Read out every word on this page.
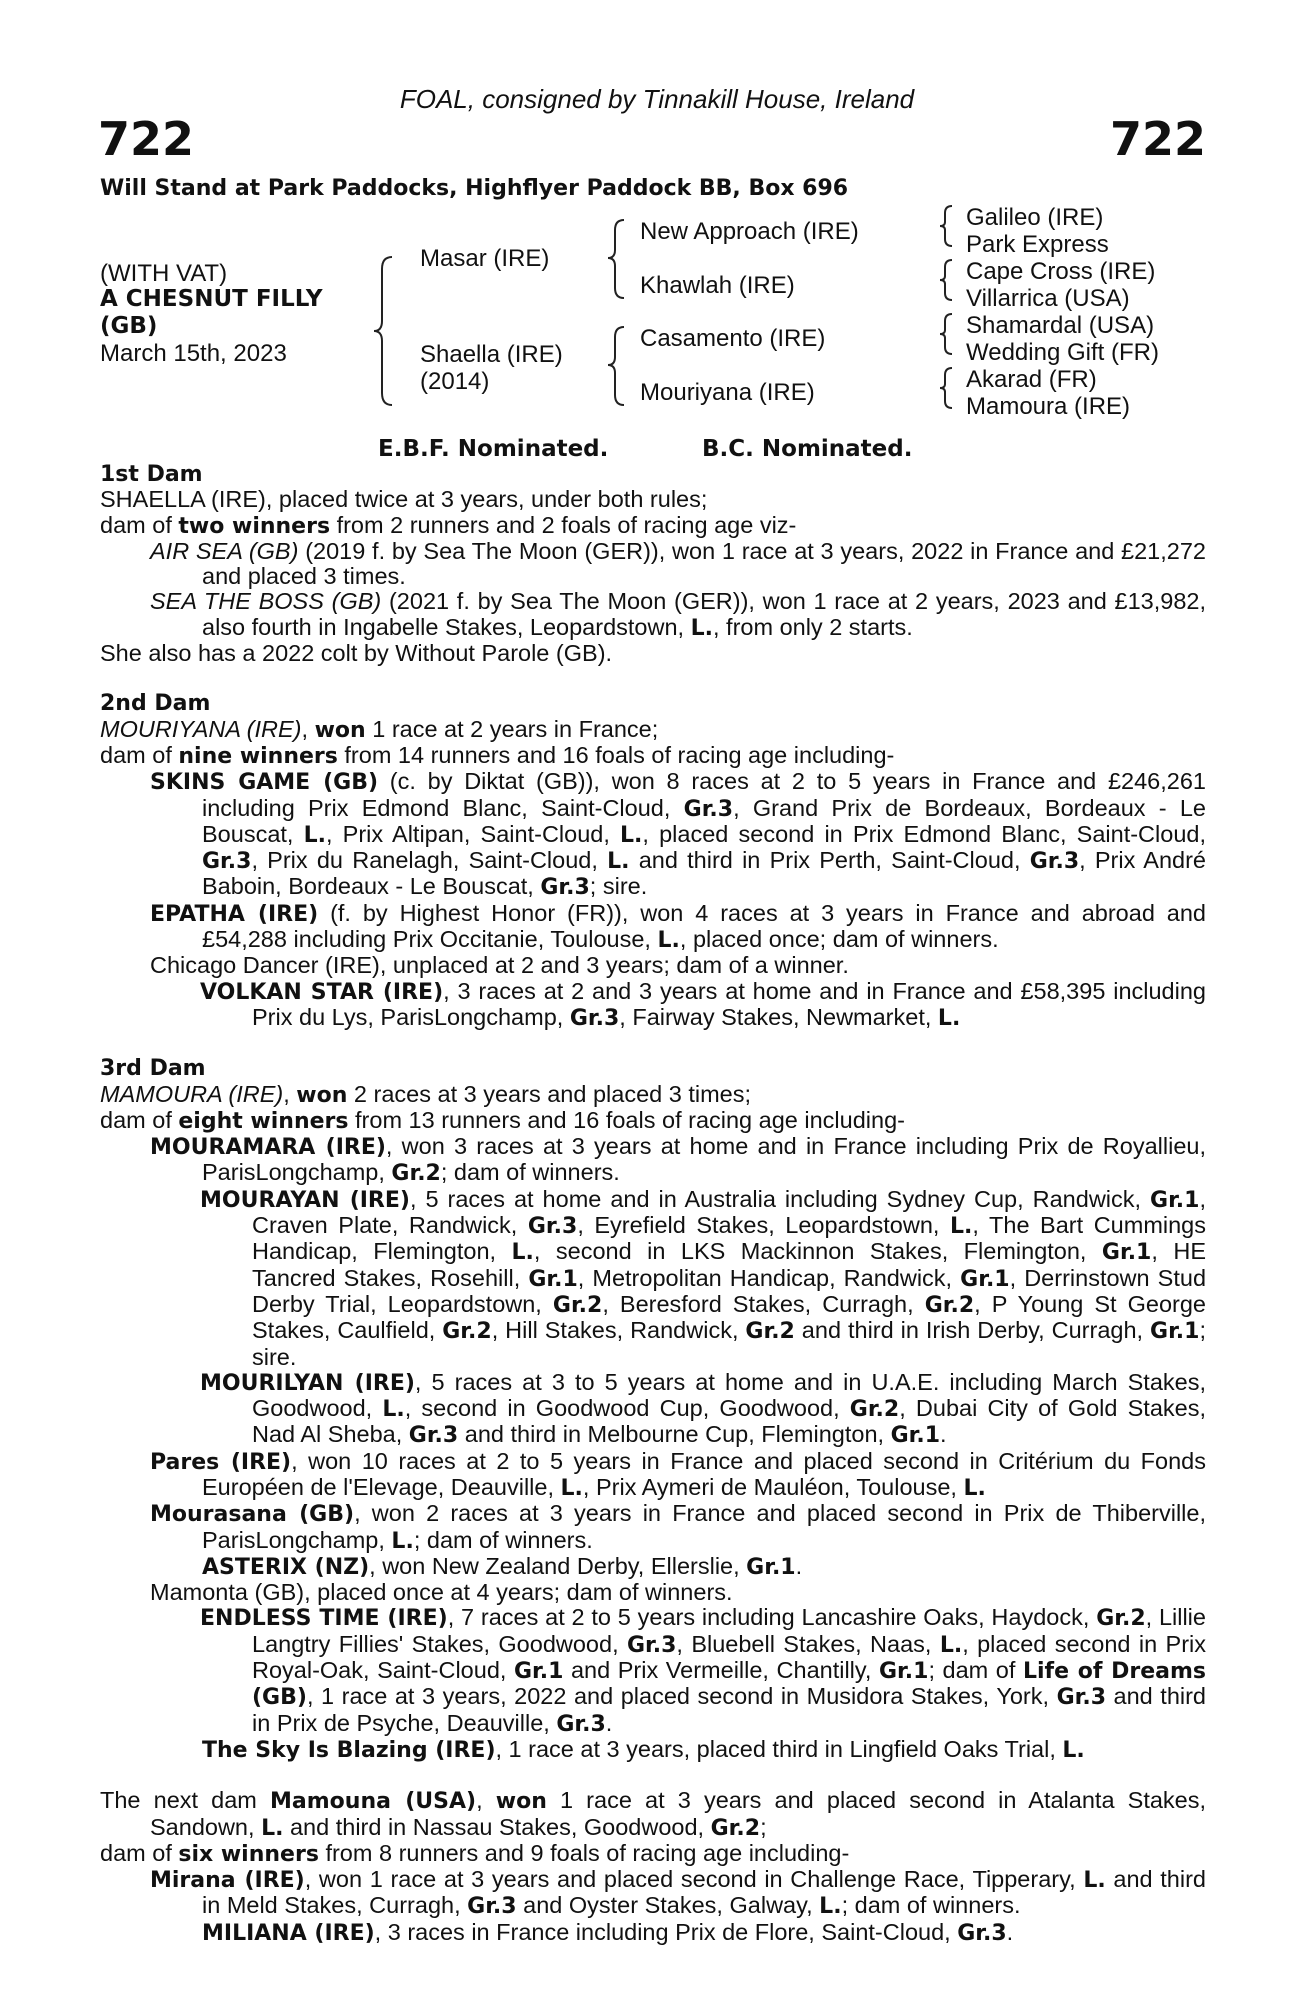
FOAL, consigned by Tinnakill House, Ireland
722	722
Will Stand at Park Paddocks, Highflyer Paddock BB, Box 696
(WITH VAT)
A CHESNUT FILLY
(GB)
March 15th, 2023
Masar (IRE)
Shaella (IRE)
(2014)
New Approach (IRE)
Khawlah (IRE)
Casamento (IRE)
Mouriyana (IRE)
Galileo (IRE)
Park Express
Cape Cross (IRE)
Villarrica (USA)
Shamardal (USA)
Wedding Gift (FR)
Akarad (FR)
Mamoura (IRE)
E.B.F. Nominated.	B.C. Nominated.

1st Dam

SHAELLA (IRE), placed twice at 3 years, under both rules;

dam of two winners from 2 runners and 2 foals of racing age viz-

AIR SEA (GB) (2019 f. by Sea The Moon (GER)), won 1 race at 3 years, 2022 in France and £21,272 and placed 3 times.

SEA THE BOSS (GB) (2021 f. by Sea The Moon (GER)), won 1 race at 2 years, 2023 and £13,982, also fourth in Ingabelle Stakes, Leopardstown, L., from only 2 starts.

She also has a 2022 colt by Without Parole (GB).

2nd Dam

MOURIYANA (IRE), won 1 race at 2 years in France;

dam of nine winners from 14 runners and 16 foals of racing age including-

SKINS GAME (GB) (c. by Diktat (GB)), won 8 races at 2 to 5 years in France and £246,261 including Prix Edmond Blanc, Saint-Cloud, Gr.3, Grand Prix de Bordeaux, Bordeaux - Le Bouscat, L., Prix Altipan, Saint-Cloud, L., placed second in Prix Edmond Blanc, Saint-Cloud, Gr.3, Prix du Ranelagh, Saint-Cloud, L. and third in Prix Perth, Saint-Cloud, Gr.3, Prix André Baboin, Bordeaux - Le Bouscat, Gr.3; sire.

EPATHA (IRE) (f. by Highest Honor (FR)), won 4 races at 3 years in France and abroad and £54,288 including Prix Occitanie, Toulouse, L., placed once; dam of winners.

Chicago Dancer (IRE), unplaced at 2 and 3 years; dam of a winner.

VOLKAN STAR (IRE), 3 races at 2 and 3 years at home and in France and £58,395 including Prix du Lys, ParisLongchamp, Gr.3, Fairway Stakes, Newmarket, L.

3rd Dam

MAMOURA (IRE), won 2 races at 3 years and placed 3 times;

dam of eight winners from 13 runners and 16 foals of racing age including-

MOURAMARA (IRE), won 3 races at 3 years at home and in France including Prix de Royallieu, ParisLongchamp, Gr.2; dam of winners.

MOURAYAN (IRE), 5 races at home and in Australia including Sydney Cup, Randwick, Gr.1, Craven Plate, Randwick, Gr.3, Eyrefield Stakes, Leopardstown, L., The Bart Cummings Handicap, Flemington, L., second in LKS Mackinnon Stakes, Flemington, Gr.1, HE Tancred Stakes, Rosehill, Gr.1, Metropolitan Handicap, Randwick, Gr.1, Derrinstown Stud Derby Trial, Leopardstown, Gr.2, Beresford Stakes, Curragh, Gr.2, P Young St George Stakes, Caulfield, Gr.2, Hill Stakes, Randwick, Gr.2 and third in Irish Derby, Curragh, Gr.1; sire.

MOURILYAN (IRE), 5 races at 3 to 5 years at home and in U.A.E. including March Stakes, Goodwood, L., second in Goodwood Cup, Goodwood, Gr.2, Dubai City of Gold Stakes, Nad Al Sheba, Gr.3 and third in Melbourne Cup, Flemington, Gr.1.

Pares (IRE), won 10 races at 2 to 5 years in France and placed second in Critérium du Fonds Européen de l'Elevage, Deauville, L., Prix Aymeri de Mauléon, Toulouse, L.

Mourasana (GB), won 2 races at 3 years in France and placed second in Prix de Thiberville, ParisLongchamp, L.; dam of winners.

ASTERIX (NZ), won New Zealand Derby, Ellerslie, Gr.1.

Mamonta (GB), placed once at 4 years; dam of winners.

ENDLESS TIME (IRE), 7 races at 2 to 5 years including Lancashire Oaks, Haydock, Gr.2, Lillie Langtry Fillies' Stakes, Goodwood, Gr.3, Bluebell Stakes, Naas, L., placed second in Prix Royal-Oak, Saint-Cloud, Gr.1 and Prix Vermeille, Chantilly, Gr.1; dam of Life of Dreams (GB), 1 race at 3 years, 2022 and placed second in Musidora Stakes, York, Gr.3 and third in Prix de Psyche, Deauville, Gr.3.

The Sky Is Blazing (IRE), 1 race at 3 years, placed third in Lingfield Oaks Trial, L.

The next dam Mamouna (USA), won 1 race at 3 years and placed second in Atalanta Stakes, Sandown, L. and third in Nassau Stakes, Goodwood, Gr.2;

dam of six winners from 8 runners and 9 foals of racing age including-

Mirana (IRE), won 1 race at 3 years and placed second in Challenge Race, Tipperary, L. and third in Meld Stakes, Curragh, Gr.3 and Oyster Stakes, Galway, L.; dam of winners.

MILIANA (IRE), 3 races in France including Prix de Flore, Saint-Cloud, Gr.3.
